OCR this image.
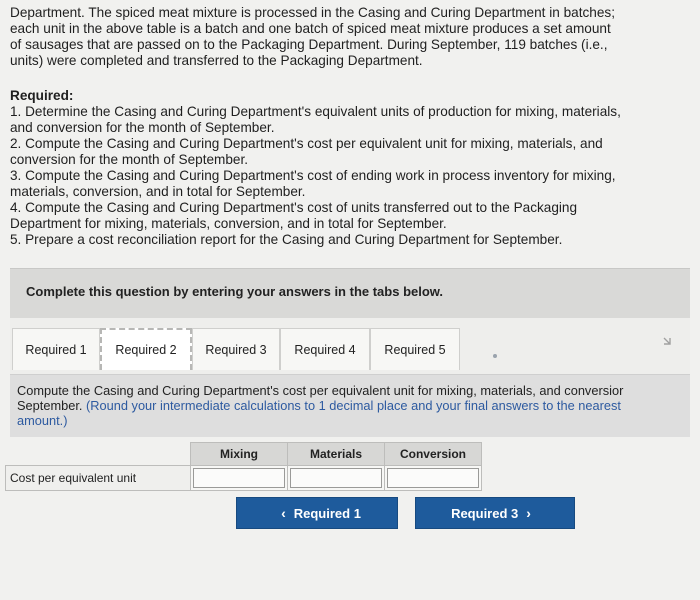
Department. The spiced meat mixture is processed in the Casing and Curing Department in batches;

each unit in the above table is a batch and one batch of spiced meat mixture produces a set amount

of sausages that are passed on to the Packaging Department. During September, 119 batches (i.e.,

units) were completed and transferred to the Packaging Department.

Required:

1. Determine the Casing and Curing Department's equivalent units of production for mixing, materials,
and conversion for the month of September.
2. Compute the Casing and Curing Department's cost per equivalent unit for mixing, materials, and
conversion for the month of September.
3. Compute the Casing and Curing Department's cost of ending work in process inventory for mixing,
materials, conversion, and in total for September.
4. Compute the Casing and Curing Department's cost of units transferred out to the Packaging
Department for mixing, materials, conversion, and in total for September.
5. Prepare a cost reconciliation report for the Casing and Curing Department for September.
Complete this question by entering your answers in the tabs below.
Required 1 Required 2 Required 3 Required 4 Required 5
Compute the Casing and Curing Department's cost per equivalent unit for mixing, materials, and conversior
September. (Round your intermediate calculations to 1 decimal place and your final answers to the nearest
amount.)
	Mixing	Materials	Conversion
Cost per equivalent unit			
‹ Required 1	Required 3 ›
